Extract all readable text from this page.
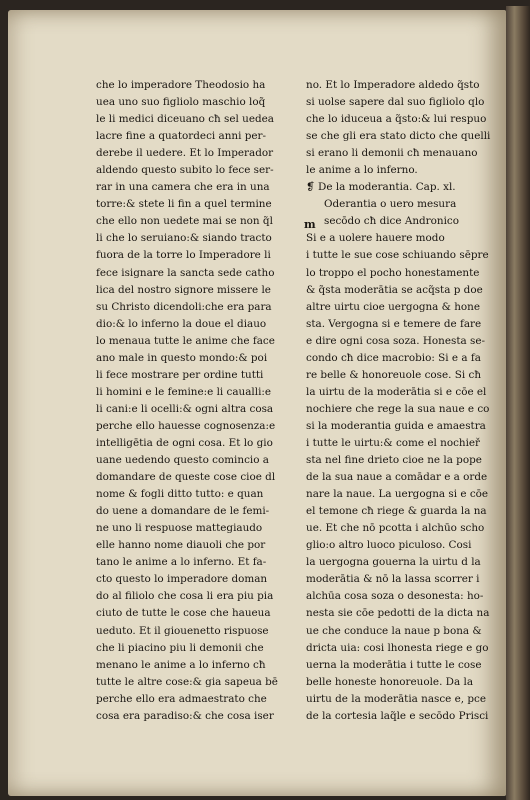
che lo imperadore Theodosio ha
uea uno suo figliolo maschio loq̃
le li medici diceuano cħ sel uedea
lacre fine a quatordeci anni per-
derebe il uedere. Et lo Imperador
aldendo questo subito lo fece ser-
rar in una camera che era in una
torre:& stete li fin a quel termine
che ello non uedete mai se non q̃l
li che lo seruiano:& siando tracto
fuora de la torre lo Imperadore li
fece isignare la sancta sede catho
lica del nostro signore missere le
su Christo dicendoli:che era para
dio:& lo inferno la doue el diauo
lo menaua tutte le anime che face
ano male in questo mondo:& poi
li fece mostrare per ordine tutti
li homini e le femine:e li caualli:e
li cani:e li ocelli:& ogni altra cosa
perche ello hauesse cognosenza:e
intelligētia de ogni cosa. Et lo gio
uane uedendo questo comincio a
domandare de queste cose cioe dl
nome & fogli ditto tutto: e quan
do uene a domandare de le femi-
ne uno li respuose mattegiaudo
elle hanno nome diauoli che por
tano le anime a lo inferno. Et fa-
cto questo lo imperadore doman
do al filiolo che cosa li era piu pia
ciuto de tutte le cose che haueua
ueduto. Et il giouenetto rispuose
che li piacino piu li demonii che
menano le anime a lo inferno cħ
tutte le altre cose:& gia sapeua bē
perche ello era admaestrato che
cosa era paradiso:& che cosa iser
no. Et lo Imperadore aldedo q̃sto
si uolse sapere dal suo figliolo qlo
che lo iduceua a q̃sto:& lui respuo
se che gli era stato dicto che quelli
si erano li demonii cħ menauano
le anime a lo inferno.
❡ De la moderantia. Cap. xl.
m
Oderantia o uero mesura
secōdo cħ dice Andronico
Si e a uolere hauere modo
i tutte le sue cose schiuando sēpre
lo troppo el pocho honestamente
& q̃sta moderātia se acq̃sta p doe
altre uirtu cioe uergogna & hone
sta. Vergogna si e temere de fare
e dire ogni cosa soza. Honesta se-
condo cħ dice macrobio: Si e a fa
re belle & honoreuole cose. Si cħ
la uirtu de la moderātia si e cōe el
nochiere che rege la sua naue e co
si la moderantia guida e amaestra
i tutte le uirtu:& come el nochieř
sta nel fine drieto cioe ne la pope
de la sua naue a comādar e a orde
nare la naue. La uergogna si e cōe
el temone cħ riege & guarda la na
ue. Et che nō pcotta i alchūo scho
glio:o altro luoco piculoso. Cosi
la uergogna gouerna la uirtu d la
moderātia & nō la lassa scorrer i
alchūa cosa soza o desonesta: ho-
nesta sie cōe pedotti de la dicta na
ue che conduce la naue p bona &
dricta uia: cosi lhonesta riege e go
uerna la moderātia i tutte le cose
belle honeste honoreuole. Da la
uirtu de la moderātia nasce e, pce
de la cortesia laq̃le e secōdo Prisci
